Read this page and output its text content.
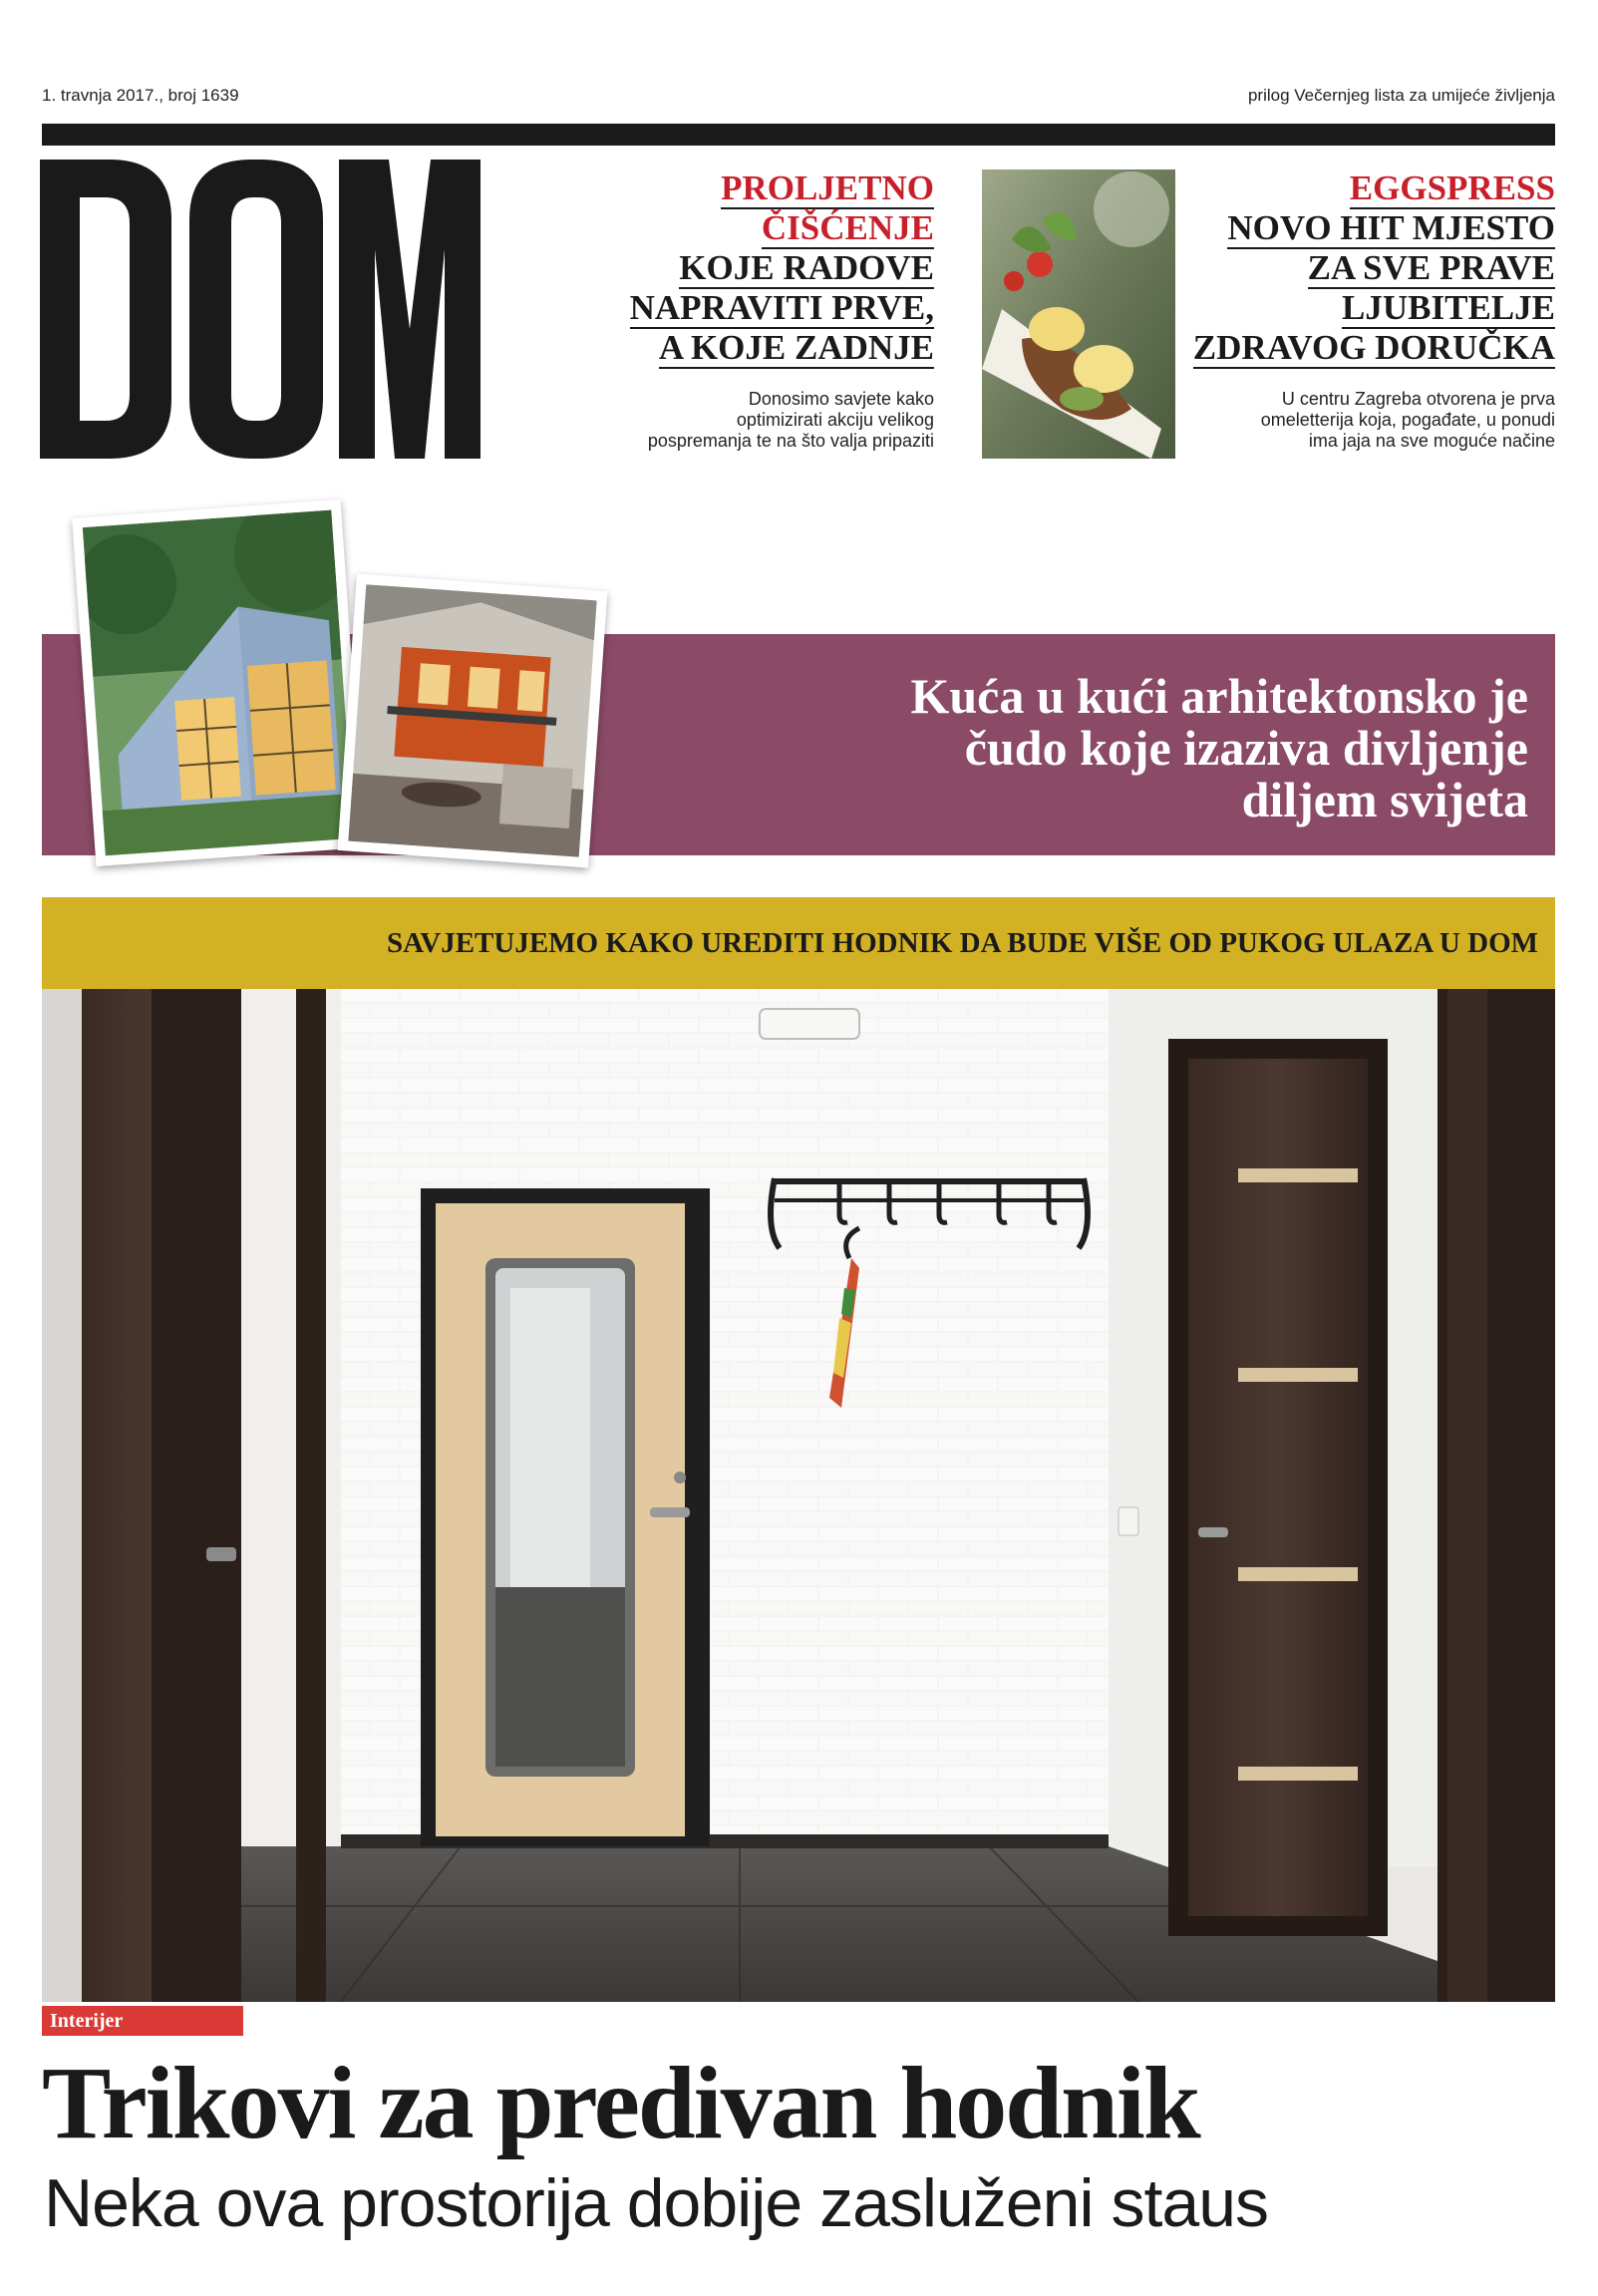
1. travnja 2017., broj 1639	prilog Večernjeg lista za umijeće življenja
PROLJETNO
ČIŠĆENJE
KOJE RADOVE
NAPRAVITI PRVE,
A KOJE ZADNJE
Donosimo savjete kako
optimizirati akciju velikog
pospremanja te na što valja pripaziti
EGGSPRESS
NOVO HIT MJESTO
ZA SVE PRAVE
LJUBITELJE
ZDRAVOG DORUČKA
U centru Zagreba otvorena je prva
omeletterija koja, pogađate, u ponudi
ima jaja na sve moguće načine
Kuća u kući arhitektonsko je
čudo koje izaziva divljenje
diljem svijeta
SAVJETUJEMO KAKO UREDITI HODNIK DA BUDE VIŠE OD PUKOG ULAZA U DOM
Interijer
Trikovi za predivan hodnik
Neka ova prostorija dobije zasluženi staus
